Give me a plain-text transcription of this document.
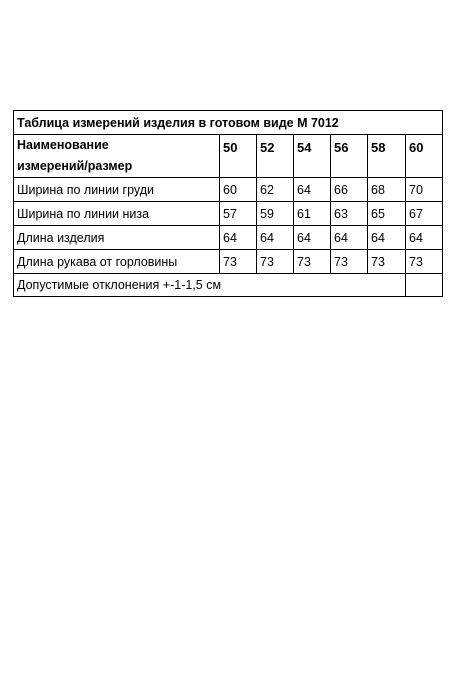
Таблица измерений изделия в готовом виде М 7012						

Наименование
измерений/размер	50	52	54	56	58	60
Ширина по линии груди	60	62	64	66	68	70
Ширина по линии низа	57	59	61	63	65	67
Длина изделия	64	64	64	64	64	64
Длина рукава от горловины	73	73	73	73	73	73
Допустимые отклонения +-1-1,5 см						
